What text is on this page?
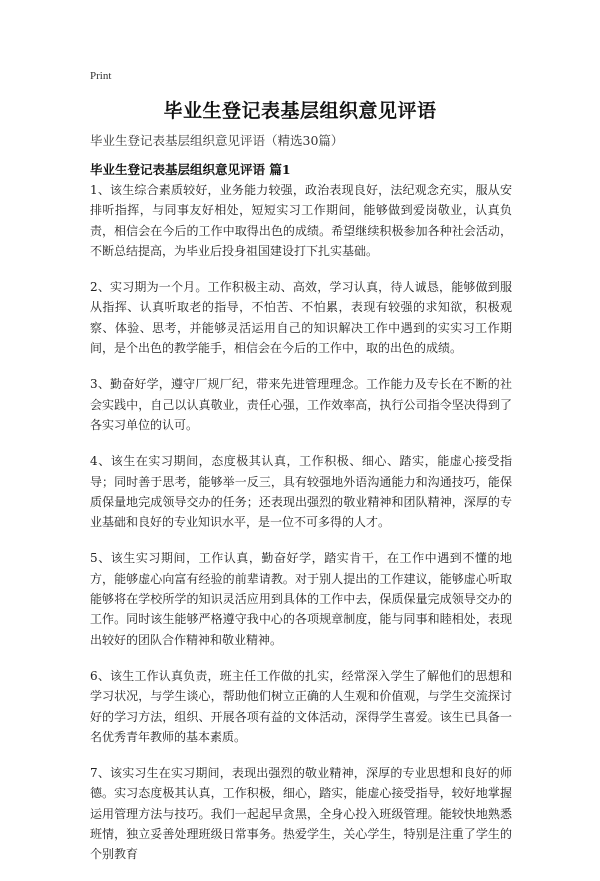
Print
毕业生登记表基层组织意见评语
毕业生登记表基层组织意见评语（精选30篇）
毕业生登记表基层组织意见评语 篇1

1、该生综合素质较好，业务能力较强，政治表现良好，法纪观念充实，服从安排听指挥，与同事友好相处，短短实习工作期间，能够做到爱岗敬业，认真负责，相信会在今后的工作中取得出色的成绩。希望继续积极参加各种社会活动，不断总结提高，为毕业后投身祖国建设打下扎实基础。

2、实习期为一个月。工作积极主动、高效，学习认真，待人诚恳，能够做到服从指挥、认真听取老的指导，不怕苦、不怕累，表现有较强的求知欲，积极观察、体验、思考，并能够灵活运用自己的知识解决工作中遇到的实实习工作期间，是个出色的教学能手，相信会在今后的工作中，取的出色的成绩。

3、勤奋好学，遵守厂规厂纪，带来先进管理理念。工作能力及专长在不断的社会实践中，自己以认真敬业，责任心强，工作效率高，执行公司指令坚决得到了各实习单位的认可。

4、该生在实习期间，态度极其认真，工作积极、细心、踏实，能虚心接受指导；同时善于思考，能够举一反三，具有较强地外语沟通能力和沟通技巧，能保质保量地完成领导交办的任务；还表现出强烈的敬业精神和团队精神，深厚的专业基础和良好的专业知识水平，是一位不可多得的人才。

5、该生实习期间，工作认真，勤奋好学，踏实肯干，在工作中遇到不懂的地方，能够虚心向富有经验的前辈请教。对于别人提出的工作建议，能够虚心听取能够将在学校所学的知识灵活应用到具体的工作中去，保质保量完成领导交办的工作。同时该生能够严格遵守我中心的各项规章制度，能与同事和睦相处，表现出较好的团队合作精神和敬业精神。

6、该生工作认真负责，班主任工作做的扎实，经常深入学生了解他们的思想和学习状况，与学生谈心，帮助他们树立正确的人生观和价值观，与学生交流探讨好的学习方法，组织、开展各项有益的文体活动，深得学生喜爱。该生已具备一名优秀青年教师的基本素质。

7、该实习生在实习期间，表现出强烈的敬业精神，深厚的专业思想和良好的师德。实习态度极其认真，工作积极，细心，踏实，能虚心接受指导，较好地掌握运用管理方法与技巧。我们一起起早贪黑，全身心投入班级管理。能较快地熟悉班情，独立妥善处理班级日常事务。热爱学生，关心学生，特别是注重了学生的个别教育
